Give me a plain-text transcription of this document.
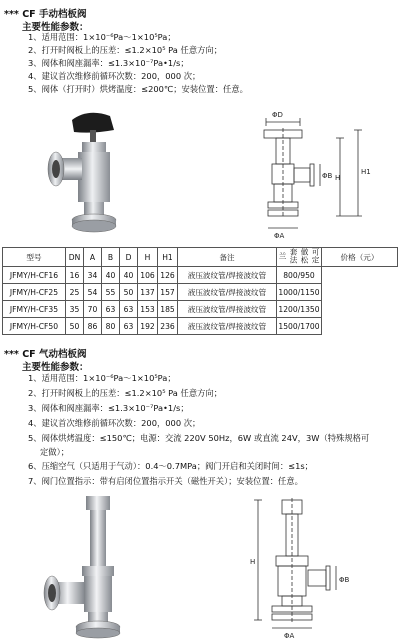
*** CF 手动档板阀
主要性能参数：
1、适用范围：1×10⁻⁶Pa～1×10⁵Pa；
2、打开时阀板上的压差：≤1.2×10⁵ Pa 任意方向；
3、阀体和阀座漏率：≤1.3×10⁻⁷Pa•1/s；
4、建议首次维修前循环次数：200，000 次；
5、阀体（打开时）烘烤温度：≤200℃；安装位置：任意。
ΦD
H
H1
ΦA
ΦB
型号	DN	A	B	D	H	H1	备注	可定做松套法兰	价格（元）
JFMY/H-CF16	16	34	40	40	106	126	液压波纹管/焊接波纹管	800/950	
JFMY/H-CF25	25	54	55	50	137	157	液压波纹管/焊接波纹管	1000/1150	
JFMY/H-CF35	35	70	63	63	153	185	液压波纹管/焊接波纹管	1200/1350	
JFMY/H-CF50	50	86	80	63	192	236	液压波纹管/焊接波纹管	1500/1700	
*** CF 气动档板阀
主要性能参数：
1、适用范围：1×10⁻⁶Pa～1×10⁵Pa；
2、打开时阀板上的压差：≤1.2×10⁵ Pa 任意方向；
3、阀体和阀座漏率：≤1.3×10⁻⁷Pa•1/s；
4、建议首次维修前循环次数：200，000 次；
5、阀体烘烤温度：≤150℃；电源：交流 220V 50Hz，6W 或直流 24V，3W（特殊规格可
定做）；
6、压缩空气（只适用于气动）：0.4～0.7MPa；阀门开启和关闭时间：≤1s；
7、阀门位置指示：带有启闭位置指示开关（磁性开关）；安装位置：任意。
H
ΦA
ΦB
